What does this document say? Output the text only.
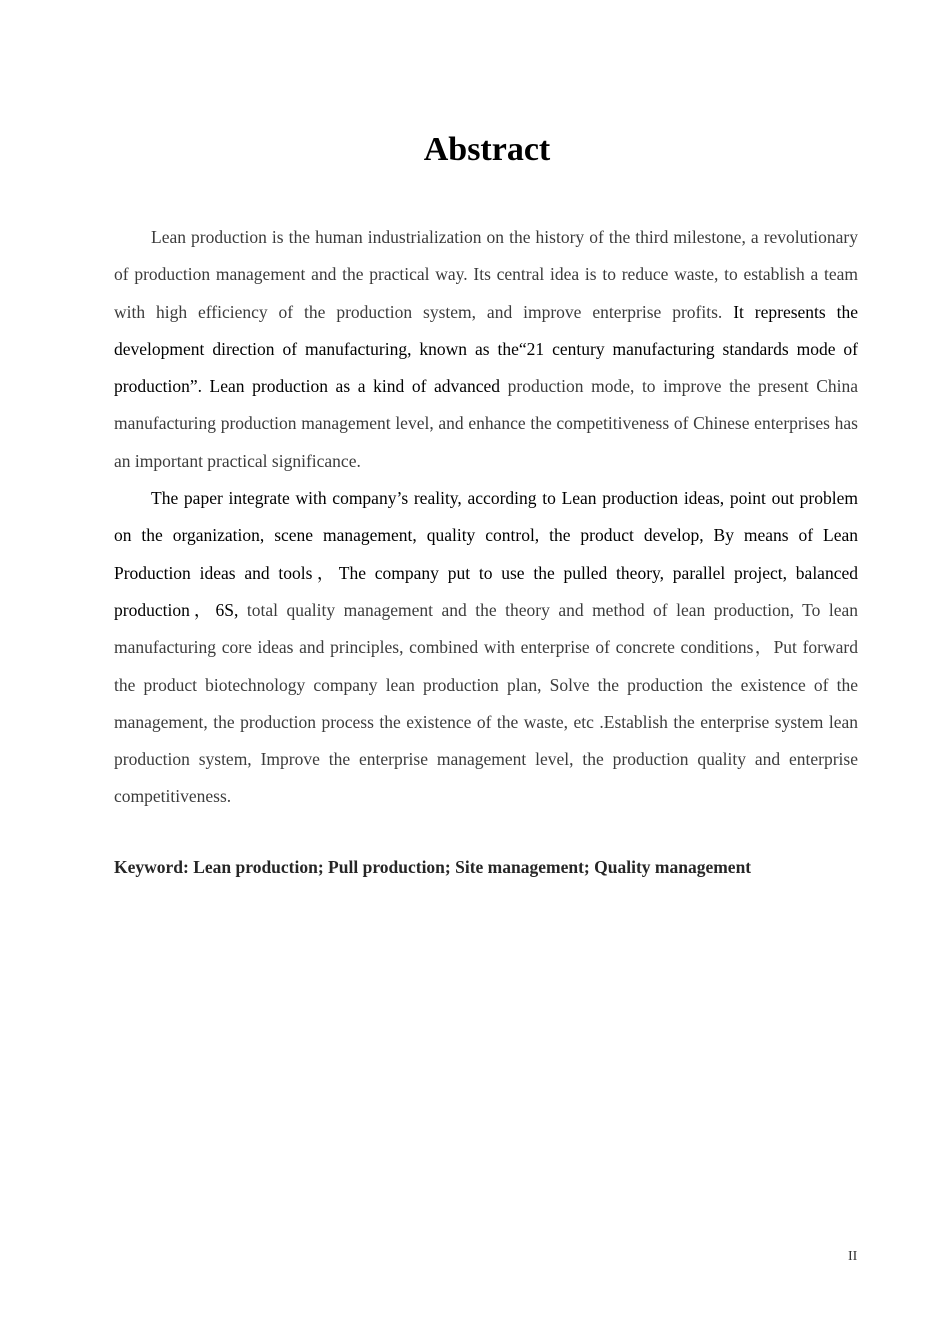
Abstract

Lean production is the human industrialization on the history of the third milestone, a revolutionary of production management and the practical way. Its central idea is to reduce waste, to establish a team with high efficiency of the production system, and improve enterprise profits. It represents the development direction of manufacturing, known as the“21 century manufacturing standards mode of production”. Lean production as a kind of advanced production mode, to improve the present China manufacturing production management level, and enhance the competitiveness of Chinese enterprises has an important practical significance.

The paper integrate with company’s reality, according to Lean production ideas, point out problem on the organization, scene management, quality control, the product develop, By means of Lean Production ideas and tools，The company put to use the pulled theory, parallel project, balanced production，6S, total quality management and the theory and method of lean production, To lean manufacturing core ideas and principles, combined with enterprise of concrete conditions，Put forward the product biotechnology company lean production plan, Solve the production the existence of the management, the production process the existence of the waste, etc .Establish the enterprise system lean production system, Improve the enterprise management level, the production quality and enterprise competitiveness.

Keyword: Lean production; Pull production; Site management; Quality management

II
